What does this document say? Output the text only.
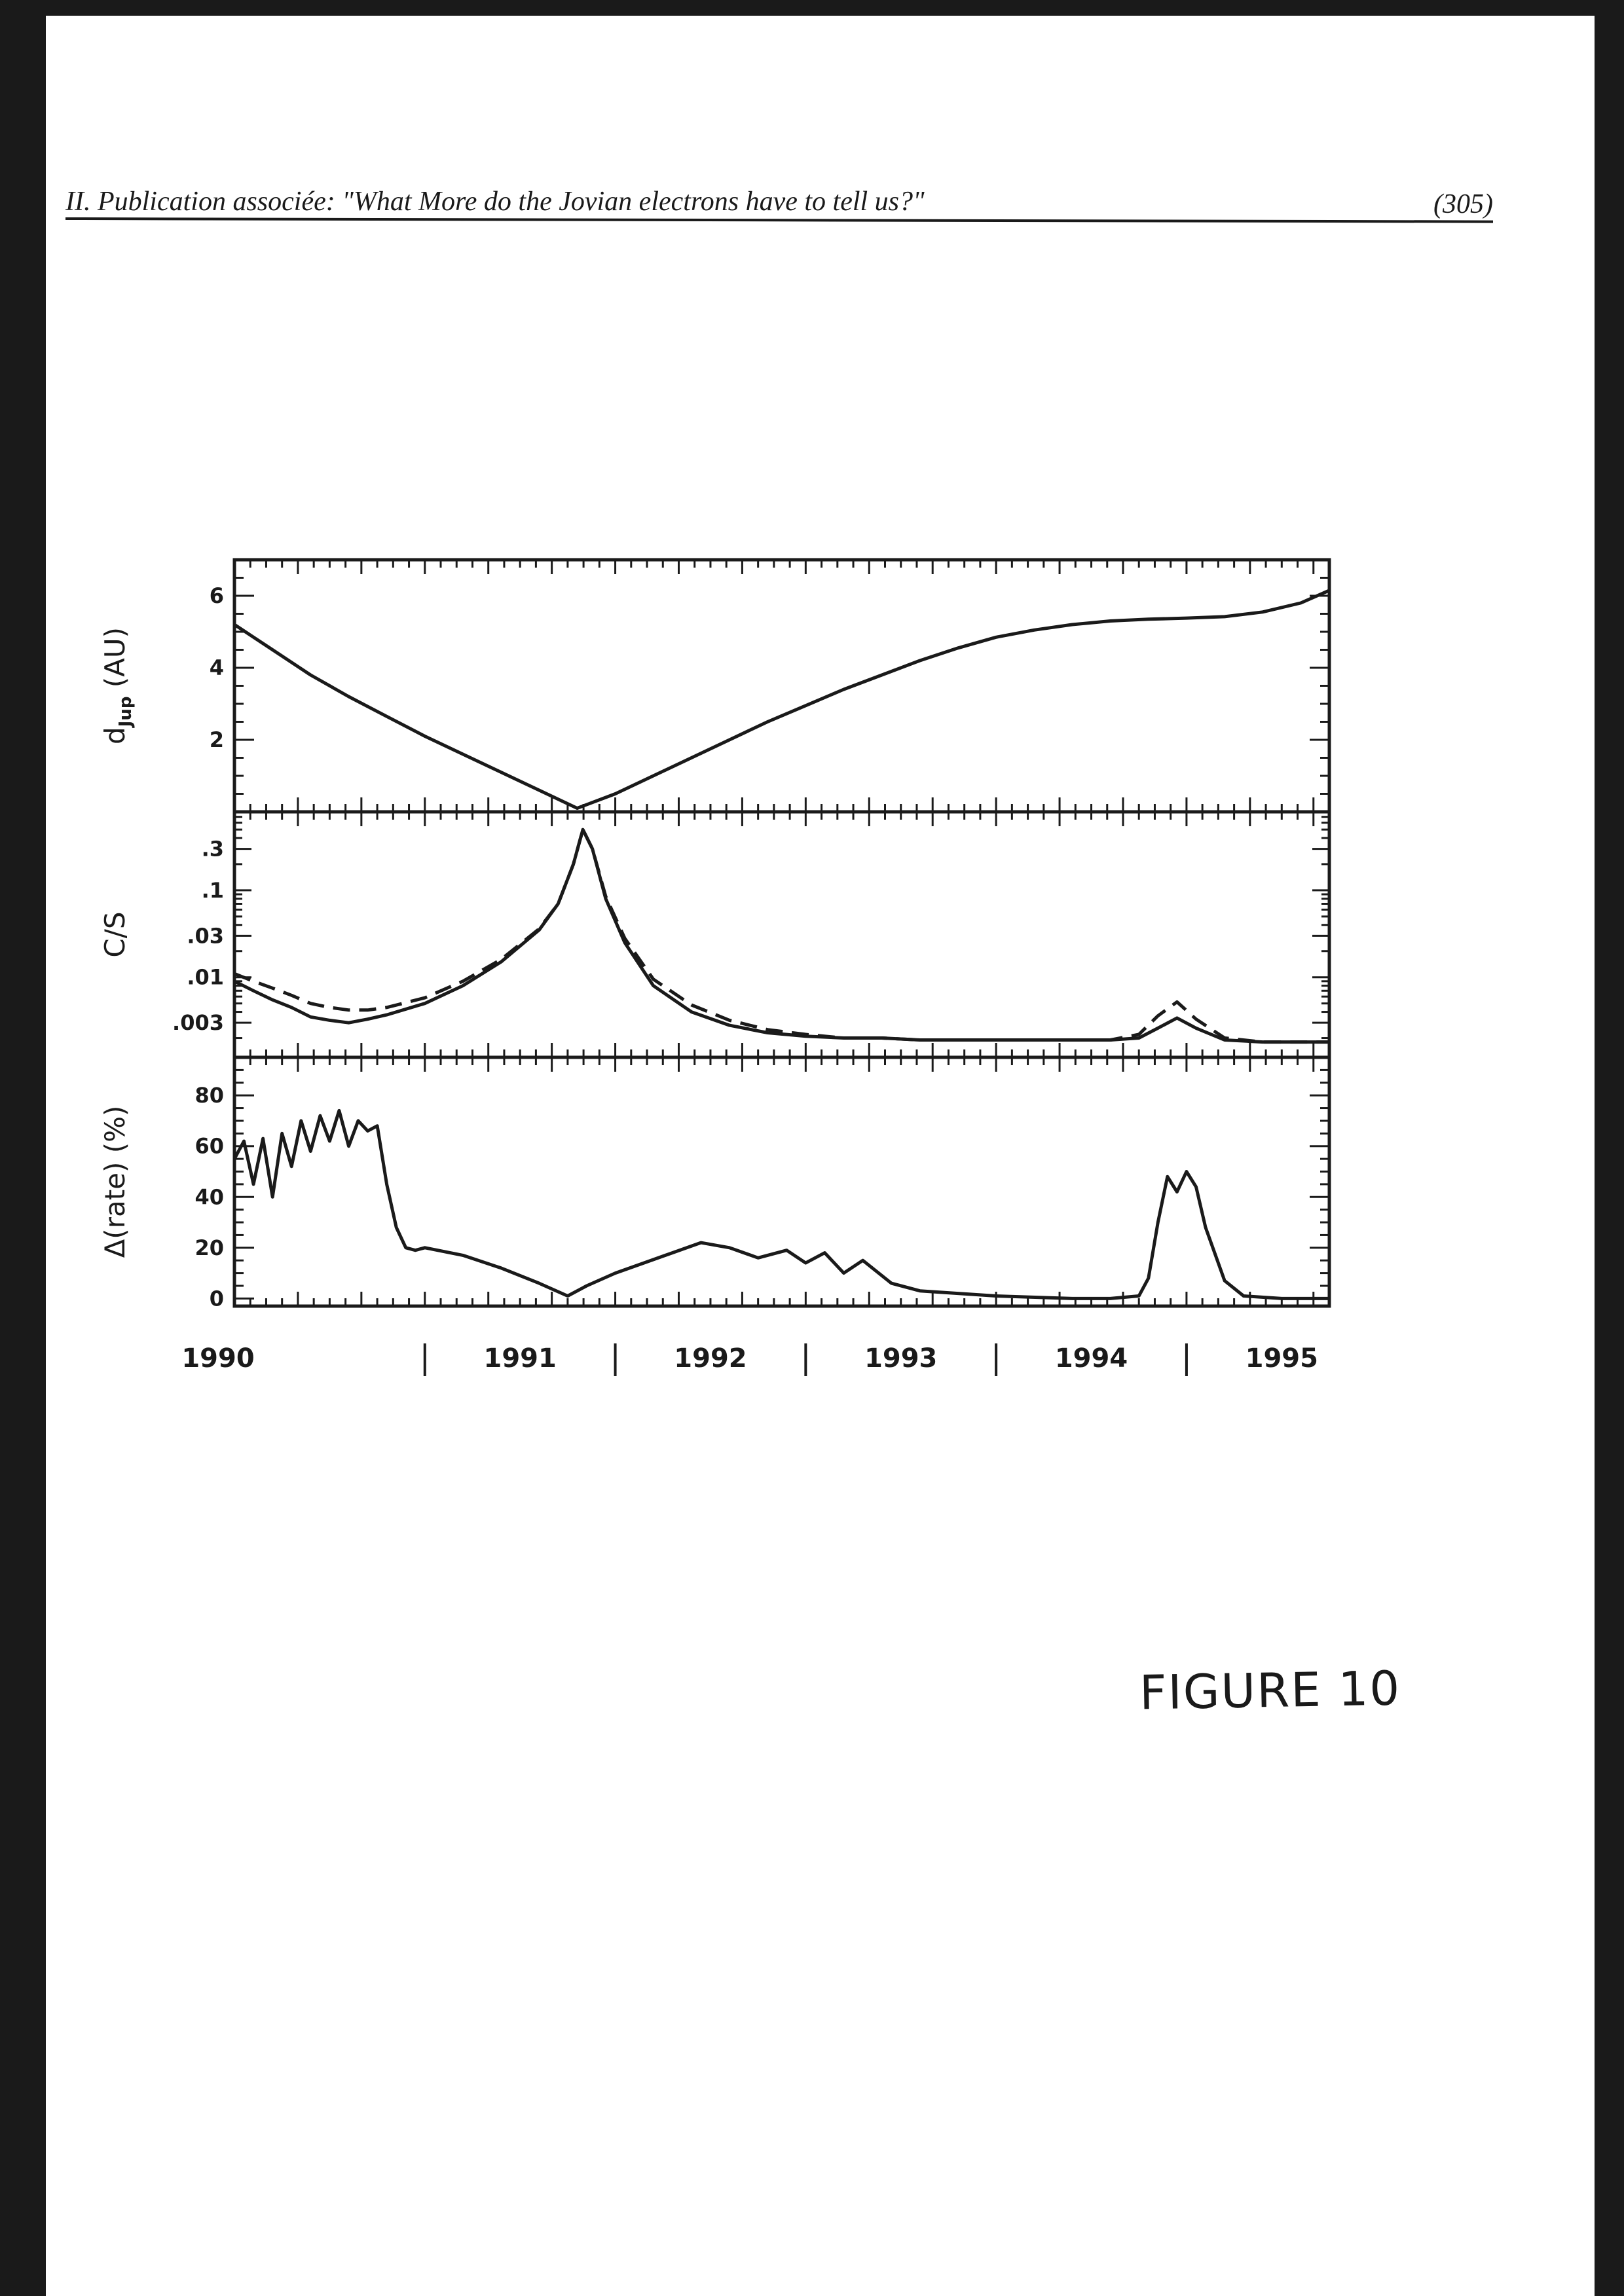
II. Publication associée: "What More do the Jovian electrons have to tell us?"	(305)
2
4
6
$d_{Jup}$ (AU)
.003
.01
.03
.1
.3
C/S
0
20
40
60
80
Δ(rate) (%)
1990	1991	1992	1993	1994	1995
FIGURE 10
